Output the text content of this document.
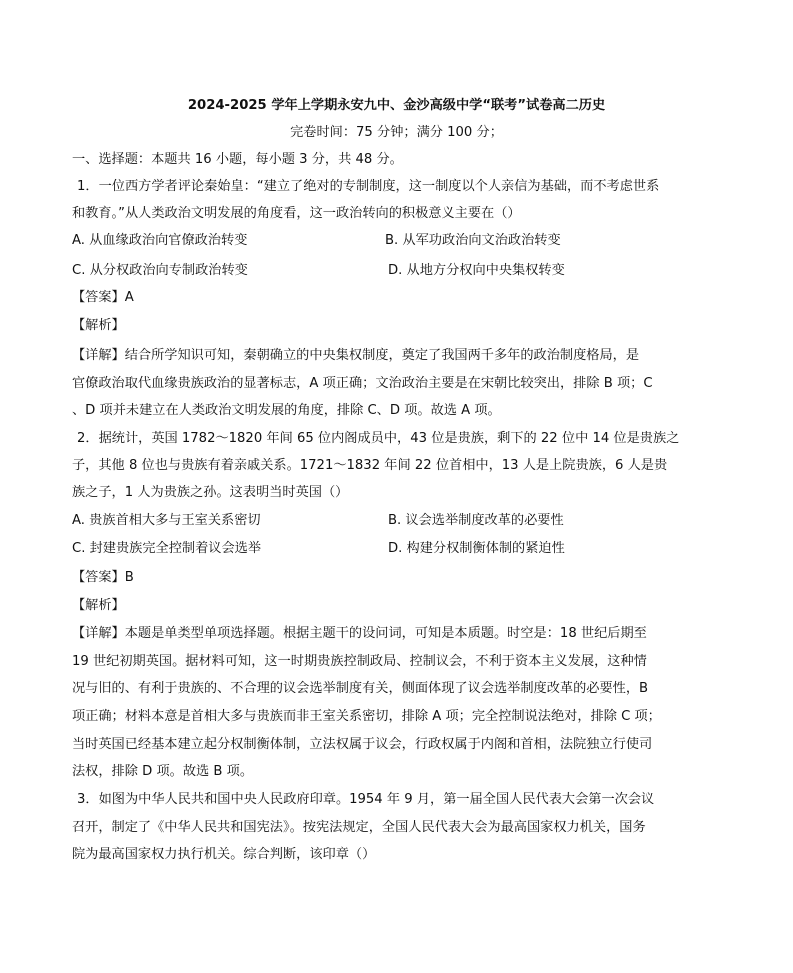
2024-2025 学年上学期永安九中、金沙高级中学“联考”试卷高二历史
完卷时间：75 分钟；满分 100 分；
一、选择题：本题共 16 小题，每小题 3 分，共 48 分。
1．一位西方学者评论秦始皇：“建立了绝对的专制制度，这一制度以个人亲信为基础，而不考虑世系
和教育。”从人类政治文明发展的角度看，这一政治转向的积极意义主要在（）
A. 从血缘政治向官僚政治转变	B. 从军功政治向文治政治转变
C. 从分权政治向专制政治转变	D. 从地方分权向中央集权转变
【答案】A
【解析】
【详解】结合所学知识可知，秦朝确立的中央集权制度，奠定了我国两千多年的政治制度格局，是
官僚政治取代血缘贵族政治的显著标志，A 项正确；文治政治主要是在宋朝比较突出，排除 B 项；C
、D 项并未建立在人类政治文明发展的角度，排除 C、D 项。故选 A 项。
2．据统计，英国 1782～1820 年间 65 位内阁成员中，43 位是贵族，剩下的 22 位中 14 位是贵族之
子，其他 8 位也与贵族有着亲戚关系。1721～1832 年间 22 位首相中，13 人是上院贵族，6 人是贵
族之子，1 人为贵族之孙。这表明当时英国（）
A. 贵族首相大多与王室关系密切	B. 议会选举制度改革的必要性
C. 封建贵族完全控制着议会选举	D. 构建分权制衡体制的紧迫性
【答案】B
【解析】
【详解】本题是单类型单项选择题。根据主题干的设问词，可知是本质题。时空是：18 世纪后期至
19 世纪初期英国。据材料可知，这一时期贵族控制政局、控制议会，不利于资本主义发展，这种情
况与旧的、有利于贵族的、不合理的议会选举制度有关，侧面体现了议会选举制度改革的必要性，B
项正确；材料本意是首相大多与贵族而非王室关系密切，排除 A 项；完全控制说法绝对，排除 C 项；
当时英国已经基本建立起分权制衡体制，立法权属于议会，行政权属于内阁和首相，法院独立行使司
法权，排除 D 项。故选 B 项。
3．如图为中华人民共和国中央人民政府印章。1954 年 9 月，第一届全国人民代表大会第一次会议
召开，制定了《中华人民共和国宪法》。按宪法规定，全国人民代表大会为最高国家权力机关，国务
院为最高国家权力执行机关。综合判断，该印章（）
